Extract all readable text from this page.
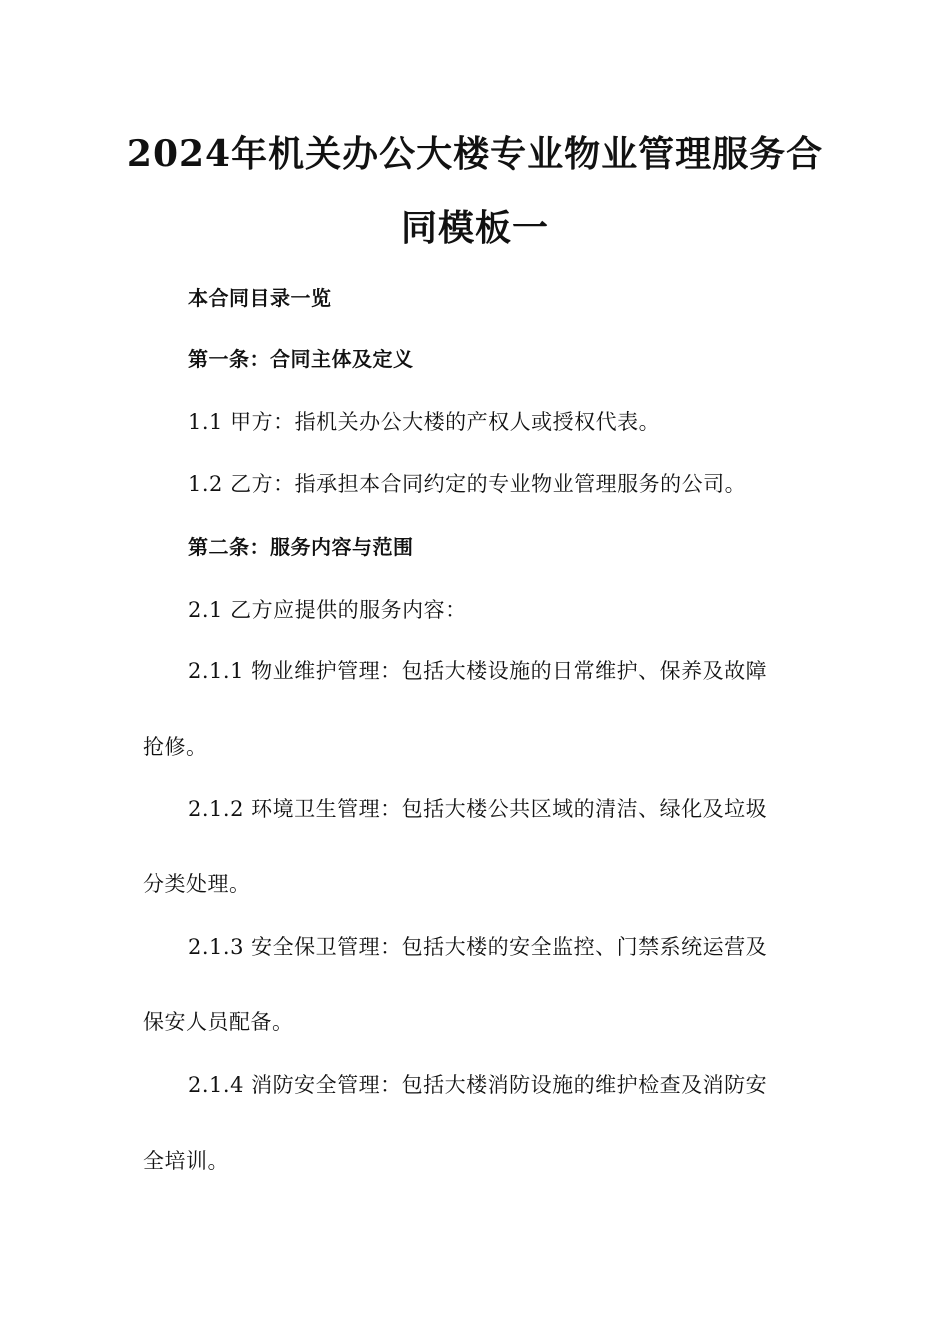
2024年机关办公大楼专业物业管理服务合
同模板一
本合同目录一览
第一条：合同主体及定义
1.1 甲方：指机关办公大楼的产权人或授权代表。
1.2 乙方：指承担本合同约定的专业物业管理服务的公司。
第二条：服务内容与范围
2.1 乙方应提供的服务内容：
2.1.1 物业维护管理：包括大楼设施的日常维护、保养及故障
抢修。
2.1.2 环境卫生管理：包括大楼公共区域的清洁、绿化及垃圾
分类处理。
2.1.3 安全保卫管理：包括大楼的安全监控、门禁系统运营及
保安人员配备。
2.1.4 消防安全管理：包括大楼消防设施的维护检查及消防安
全培训。
